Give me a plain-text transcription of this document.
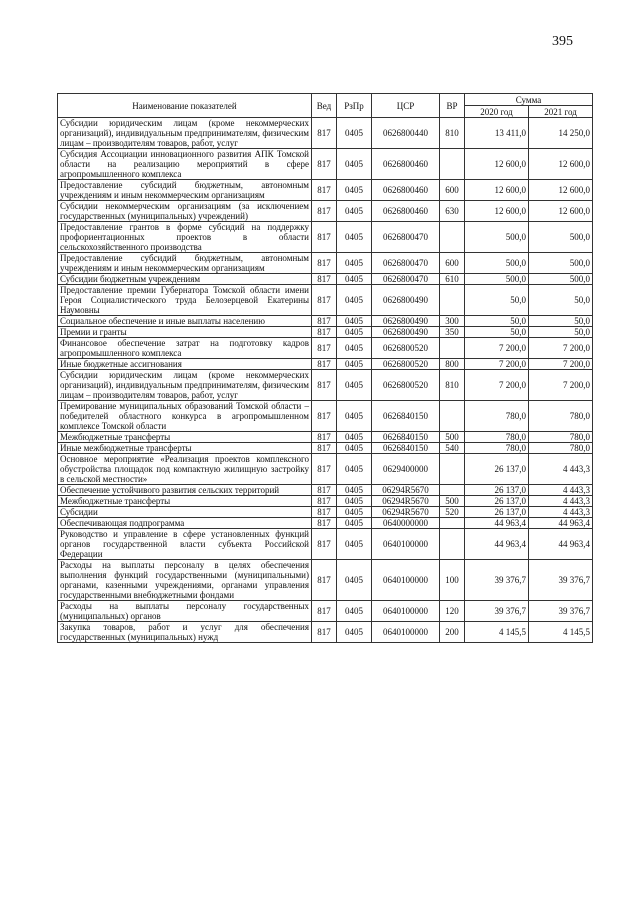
395
Наименование показателей	Вед	РзПр	ЦСР	ВР	Сумма	
					2020 год	2021 год
Субсидии юридическим лицам (кроме некоммерческих организаций), индивидуальным предпринимателям, физическим лицам – производителям товаров, работ, услуг	817	0405	0626800440	810	13 411,0	14 250,0
Субсидия Ассоциации инновационного развития АПК Томской области на реализацию мероприятий в сфере агропромышленного комплекса	817	0405	0626800460		12 600,0	12 600,0
Предоставление субсидий бюджетным, автономным учреждениям и иным некоммерческим организациям	817	0405	0626800460	600	12 600,0	12 600,0
Субсидии некоммерческим организациям (за исключением государственных (муниципальных) учреждений)	817	0405	0626800460	630	12 600,0	12 600,0
Предоставление грантов в форме субсидий на поддержку профориентационных проектов в области сельскохозяйственного производства	817	0405	0626800470		500,0	500,0
Предоставление субсидий бюджетным, автономным учреждениям и иным некоммерческим организациям	817	0405	0626800470	600	500,0	500,0
Субсидии бюджетным учреждениям	817	0405	0626800470	610	500,0	500,0
Предоставление премии Губернатора Томской области имени Героя Социалистического труда Белозерцевой Екатерины Наумовны	817	0405	0626800490		50,0	50,0
Социальное обеспечение и иные выплаты населению	817	0405	0626800490	300	50,0	50,0
Премии и гранты	817	0405	0626800490	350	50,0	50,0
Финансовое обеспечение затрат на подготовку кадров агропромышленного комплекса	817	0405	0626800520		7 200,0	7 200,0
Иные бюджетные ассигнования	817	0405	0626800520	800	7 200,0	7 200,0
Субсидии юридическим лицам (кроме некоммерческих организаций), индивидуальным предпринимателям, физическим лицам – производителям товаров, работ, услуг	817	0405	0626800520	810	7 200,0	7 200,0
Премирование муниципальных образований Томской области – победителей областного конкурса в агропромышленном комплексе Томской области	817	0405	0626840150		780,0	780,0
Межбюджетные трансферты	817	0405	0626840150	500	780,0	780,0
Иные межбюджетные трансферты	817	0405	0626840150	540	780,0	780,0
Основное мероприятие «Реализация проектов комплексного обустройства площадок под компактную жилищную застройку в сельской местности»	817	0405	0629400000		26 137,0	4 443,3
Обеспечение устойчивого развития сельских территорий	817	0405	06294R5670		26 137,0	4 443,3
Межбюджетные трансферты	817	0405	06294R5670	500	26 137,0	4 443,3
Субсидии	817	0405	06294R5670	520	26 137,0	4 443,3
Обеспечивающая подпрограмма	817	0405	0640000000		44 963,4	44 963,4
Руководство и управление в сфере установленных функций органов государственной власти субъекта Российской Федерации	817	0405	0640100000		44 963,4	44 963,4
Расходы на выплаты персоналу в целях обеспечения выполнения функций государственными (муниципальными) органами, казенными учреждениями, органами управления государственными внебюджетными фондами	817	0405	0640100000	100	39 376,7	39 376,7
Расходы на выплаты персоналу государственных (муниципальных) органов	817	0405	0640100000	120	39 376,7	39 376,7
Закупка товаров, работ и услуг для обеспечения государственных (муниципальных) нужд	817	0405	0640100000	200	4 145,5	4 145,5
